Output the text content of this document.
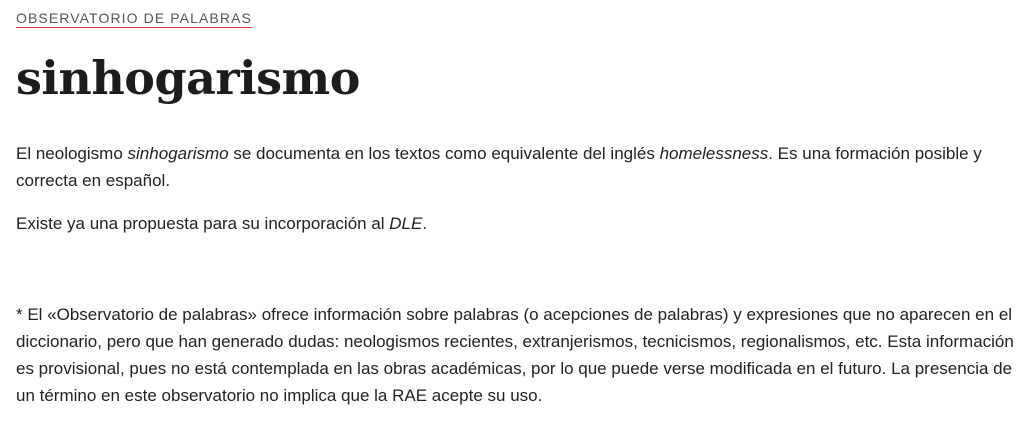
OBSERVATORIO DE PALABRAS
sinhogarismo

El neologismo sinhogarismo se documenta en los textos como equivalente del inglés homelessness. Es una formación posible y
correcta en español.

Existe ya una propuesta para su incorporación al DLE.

* El «Observatorio de palabras» ofrece información sobre palabras (o acepciones de palabras) y expresiones que no aparecen en el
diccionario, pero que han generado dudas: neologismos recientes, extranjerismos, tecnicismos, regionalismos, etc. Esta información
es provisional, pues no está contemplada en las obras académicas, por lo que puede verse modificada en el futuro. La presencia de
un término en este observatorio no implica que la RAE acepte su uso.
